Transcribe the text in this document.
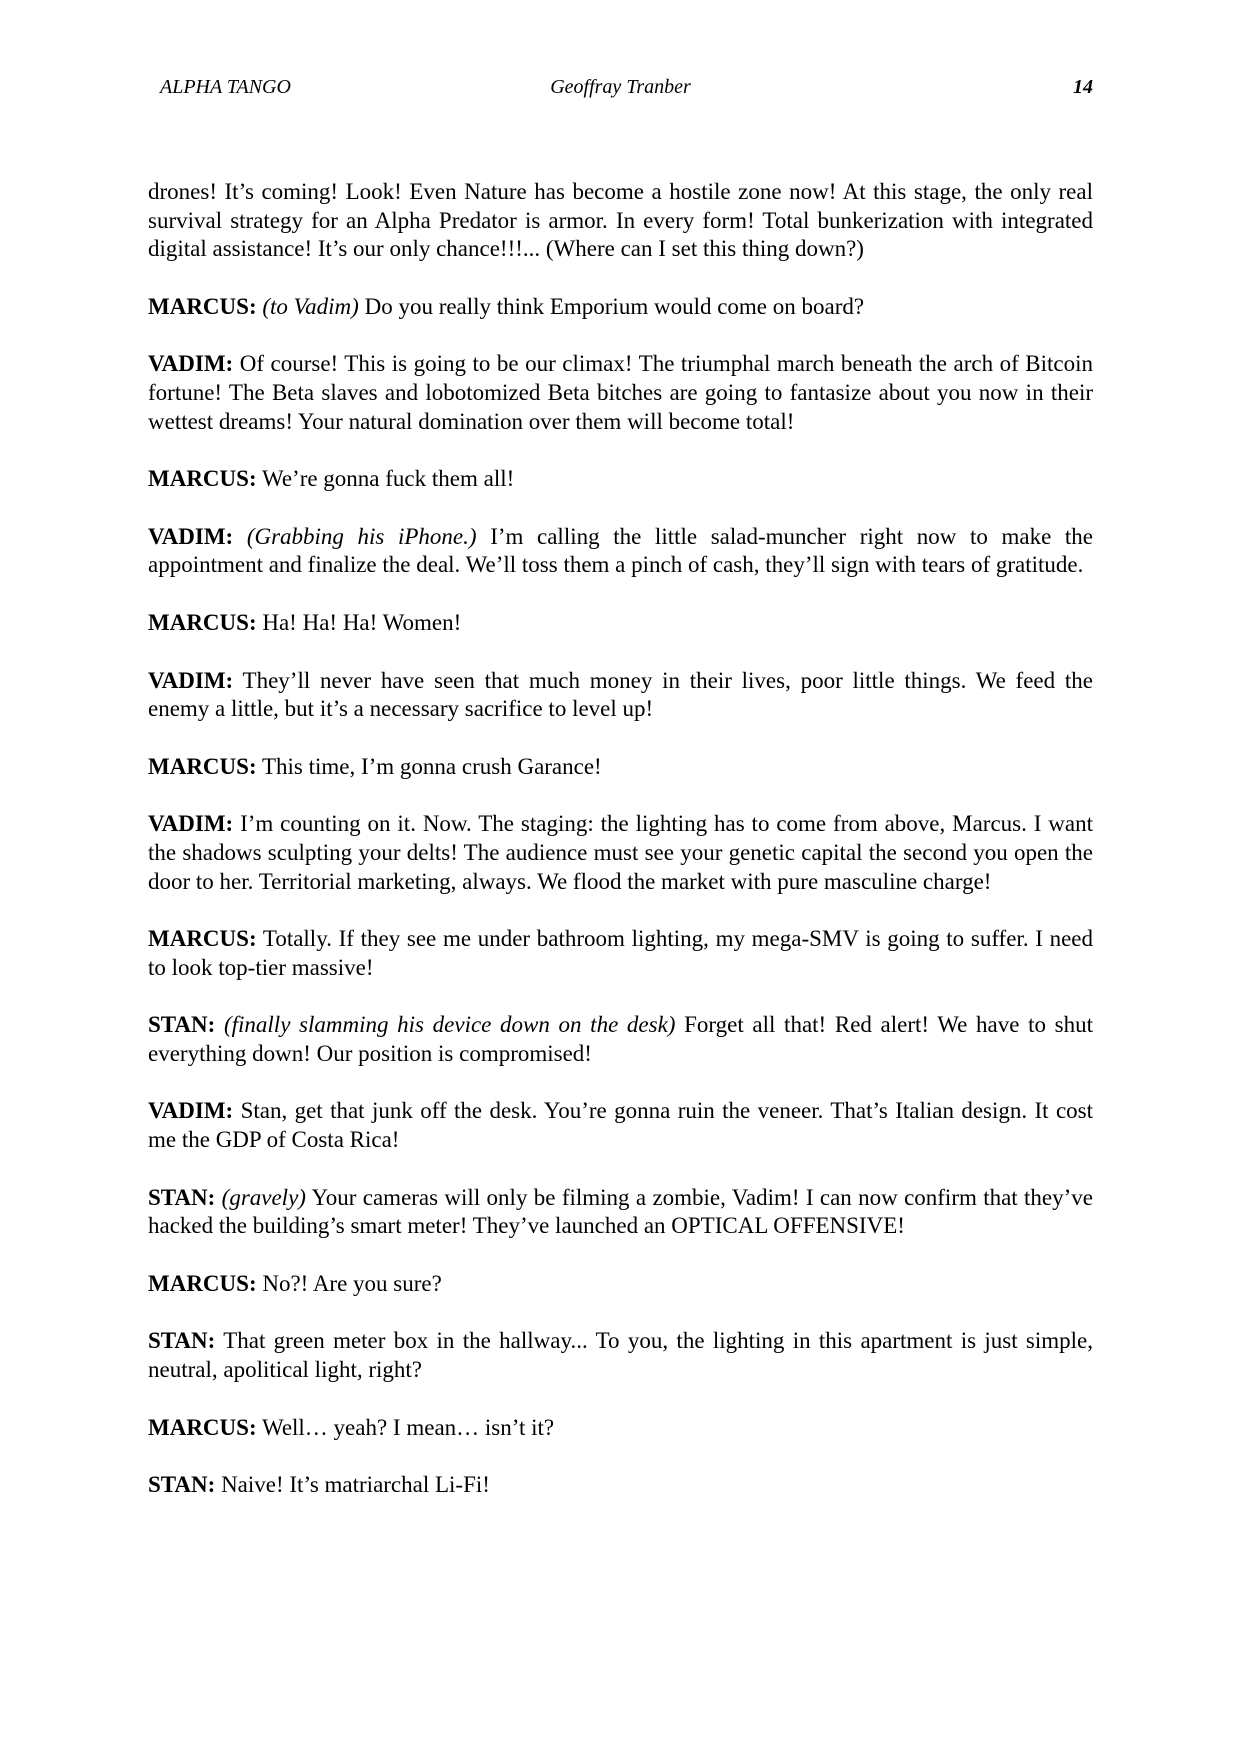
ALPHA TANGO	Geoffray Tranber	14

drones! It’s coming! Look! Even Nature has become a hostile zone now! At this stage, the only real survival strategy for an Alpha Predator is armor. In every form! Total bunkerization with integrated digital assistance! It’s our only chance!!!... (Where can I set this thing down?)

MARCUS: (to Vadim) Do you really think Emporium would come on board?

VADIM: Of course! This is going to be our climax! The triumphal march beneath the arch of Bitcoin fortune! The Beta slaves and lobotomized Beta bitches are going to fantasize about you now in their wettest dreams! Your natural domination over them will become total!

MARCUS: We’re gonna fuck them all!

VADIM: (Grabbing his iPhone.) I’m calling the little salad-muncher right now to make the appointment and finalize the deal. We’ll toss them a pinch of cash, they’ll sign with tears of gratitude.

MARCUS: Ha! Ha! Ha! Women!

VADIM: They’ll never have seen that much money in their lives, poor little things. We feed the enemy a little, but it’s a necessary sacrifice to level up!

MARCUS: This time, I’m gonna crush Garance!

VADIM: I’m counting on it. Now. The staging: the lighting has to come from above, Marcus. I want the shadows sculpting your delts! The audience must see your genetic capital the second you open the door to her. Territorial marketing, always. We flood the market with pure masculine charge!

MARCUS: Totally. If they see me under bathroom lighting, my mega-SMV is going to suffer. I need to look top-tier massive!

STAN: (finally slamming his device down on the desk) Forget all that! Red alert! We have to shut everything down! Our position is compromised!

VADIM: Stan, get that junk off the desk. You’re gonna ruin the veneer. That’s Italian design. It cost me the GDP of Costa Rica!

STAN: (gravely) Your cameras will only be filming a zombie, Vadim! I can now confirm that they’ve hacked the building’s smart meter! They’ve launched an OPTICAL OFFENSIVE!

MARCUS: No?! Are you sure?

STAN: That green meter box in the hallway... To you, the lighting in this apartment is just simple, neutral, apolitical light, right?

MARCUS: Well… yeah? I mean… isn’t it?

STAN: Naive! It’s matriarchal Li-Fi!
